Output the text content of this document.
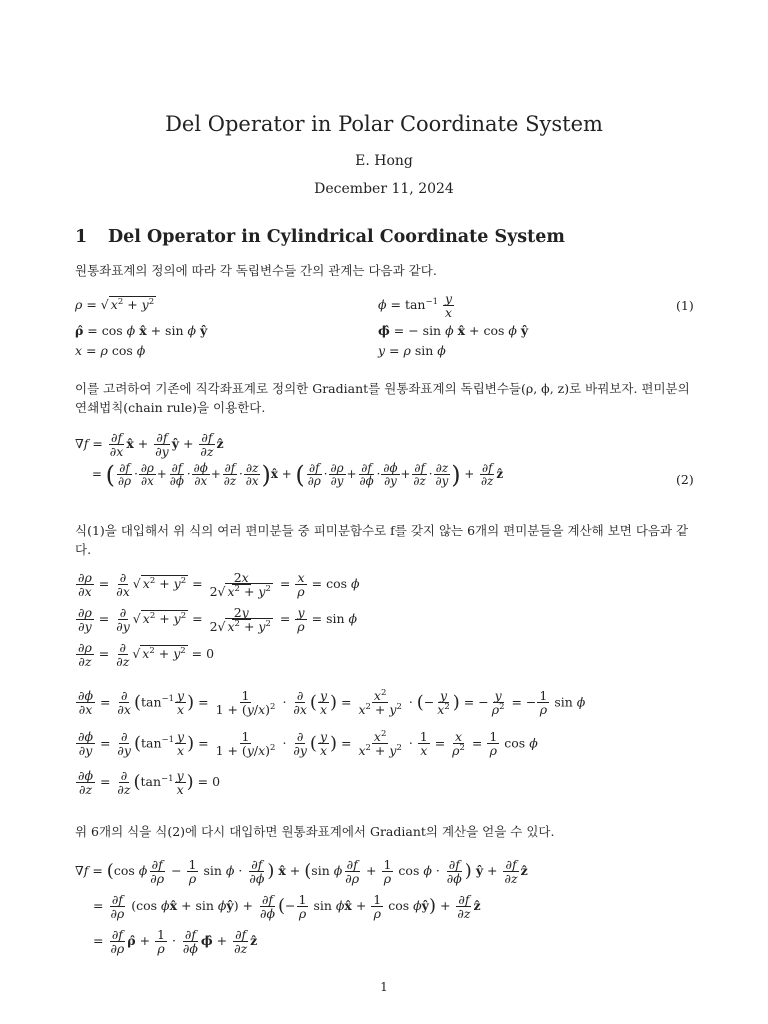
Del Operator in Polar Coordinate System
E. Hong
December 11, 2024
1 Del Operator in Cylindrical Coordinate System
원통좌표계의 정의에 따라 각 독립변수들 간의 관계는 다음과 같다.
ρ = √ $x^2 + y^2$	$\phi = \tan^{-1} \frac{y}{x}$	(1)
ρ̂ = cos ϕ x̂ + sin ϕ ŷ	ϕ̂ = − sin ϕ x̂ + cos ϕ ŷ
x = ρ cos ϕ	y = ρ sin ϕ
이를 고려하여 기존에 직각좌표계로 정의한 Gradiant를 원통좌표계의 독립변수들(ρ, ϕ, z)로 바꿔보자. 편미분의 연쇄법칙(chain rule)을 이용한다.
$\nabla f = \frac{\partial f}{\partial x}$ x̂ + $\frac{\partial f}{\partial y}$ ŷ + $\frac{\partial f}{\partial z}$ ẑ
= ( $\frac{\partial f}{\partial\rho} \cdot \frac{\partial\rho}{\partial x} + \frac{\partial f}{\partial\phi} \cdot \frac{\partial\phi}{\partial x} + \frac{\partial f}{\partial z} \cdot \frac{\partial z}{\partial x}$ )x̂ + ( $\frac{\partial f}{\partial\rho} \cdot \frac{\partial\rho}{\partial y} + \frac{\partial f}{\partial\phi} \cdot \frac{\partial\phi}{\partial y} + \frac{\partial f}{\partial z} \cdot \frac{\partial z}{\partial y}$ ) + $\frac{\partial f}{\partial z}$ ẑ	(2)
식(1)을 대입해서 위 식의 여러 편미분들 중 피미분함수로 f를 갖지 않는 6개의 편미분들을 계산해 보면 다음과 같다.
$\frac{\partial\rho}{\partial x} = \frac{\partial}{\partial x}$ √ $x^2 + y^2 = \frac{2x}{2√ x^2 + y^2} = \frac{x}{\rho} = \cos \phi$
$\frac{\partial\rho}{\partial y} = \frac{\partial}{\partial y}$ √ $x^2 + y^2 = \frac{2y}{2√ x^2 + y^2} = \frac{y}{\rho} = \sin \phi$
$\frac{\partial\rho}{\partial z} = \frac{\partial}{\partial z}$ √ $x^2 + y^2 = 0$
$\frac{\partial\phi}{\partial x} = \frac{\partial}{\partial x} (\tan^{-1} \frac{y}{x}$ ) = $\frac{1}{1 + (y/x)^2} \cdot \frac{\partial}{\partial x}$ ( $\frac{y}{x}$ ) = $\frac{x^2}{x^2 + y^2}$ · (− $\frac{y}{x^2}$ ) = − $\frac{y}{\rho^2}$ = − $\frac{1}{\rho}$ sin ϕ
$\frac{\partial\phi}{\partial y} = \frac{\partial}{\partial y} (\tan^{-1} \frac{y}{x}$ ) = $\frac{1}{1 + (y/x)^2} \cdot \frac{\partial}{\partial y}$ ( $\frac{y}{x}$ ) = $\frac{x^2}{x^2 + y^2} \cdot \frac{1}{x} = \frac{x}{\rho^2} = \frac{1}{\rho}$ cos ϕ
$\frac{\partial\phi}{\partial z} = \frac{\partial}{\partial z} (\tan^{-1} \frac{y}{x}$ ) = 0
위 6개의 식을 식(2)에 다시 대입하면 원통좌표계에서 Gradiant의 계산을 얻을 수 있다.
∇f = (cos ϕ $\frac{\partial f}{\partial\rho} - \frac{1}{\rho}$ $\sin \phi \cdot \frac{\partial f}{\partial\phi}$ ) x̂ + (sin ϕ $\frac{\partial f}{\partial\rho} + \frac{1}{\rho}$ $\cos \phi \cdot \frac{\partial f}{\partial\phi}$ ) ŷ + $\frac{\partial f}{\partial z}$ ẑ
= $\frac{\partial f}{\partial\rho} (\cos$ ϕx̂ + sin ϕŷ) + $\frac{\partial f}{\partial\phi}$ (− $\frac{1}{\rho}$ sin ϕx̂ + $\frac{1}{\rho}$ cos ϕŷ) + $\frac{\partial f}{\partial z}$ ẑ
= $\frac{\partial f}{\partial\rho}$ ρ̂ + $\frac{1}{\rho} \cdot \frac{\partial f}{\partial\phi}$ ϕ̂ + $\frac{\partial f}{\partial z}$ ẑ
1
